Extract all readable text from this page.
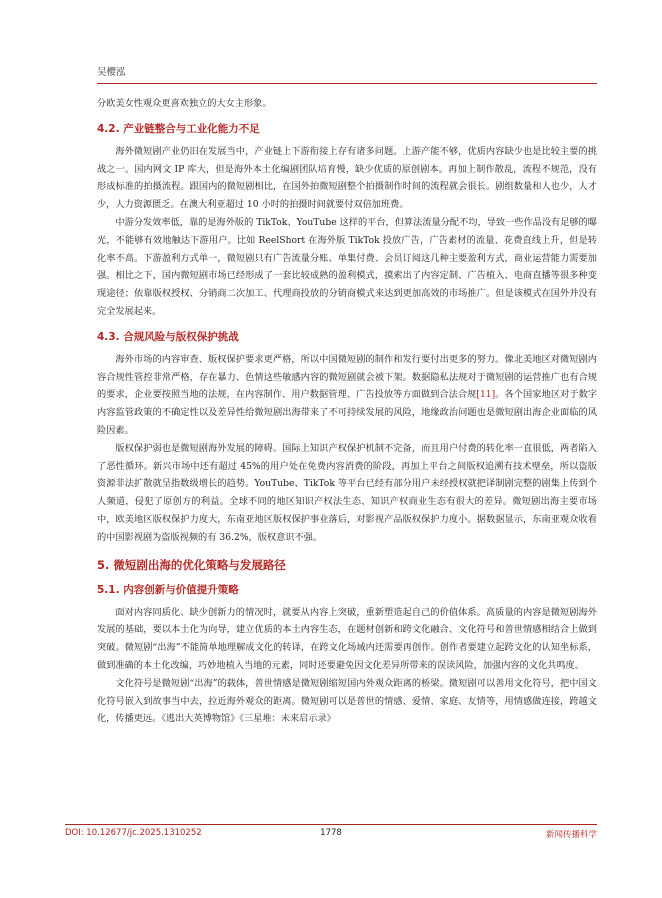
吴樱泓

分欧美女性观众更喜欢独立的大女主形象。

4.2. 产业链整合与工业化能力不足

海外微短剧产业仍旧在发展当中，产业链上下游衔接上存有诸多问题。上游产能不够，优质内容缺少也是比较主要的挑战之一。国内网文 IP 库大，但是海外本土化编剧团队培育慢，缺少优质的原创剧本。再加上制作散乱，流程不规范，没有形成标准的拍摄流程。跟国内的微短剧相比，在国外拍微短剧整个拍摄制作时间的流程就会很长。剧组数量和人也少，人才少，人力资源匮乏。在澳大利亚超过 10 小时的拍摄时间就要付双倍加班费。

中游分发效率低，靠的是海外版的 TikTok、YouTube 这样的平台，但算法流量分配不均，导致一些作品没有足够的曝光，不能够有效地触达下游用户。比如 ReelShort 在海外版 TikTok 投放广告，广告素材的流量、花费直线上升，但是转化率不高。下游盈利方式单一，微短剧只有广告流量分账、单集付费、会员订阅这几种主要盈利方式，商业运营能力需要加强。相比之下，国内微短剧市场已经形成了一套比较成熟的盈利模式，摸索出了内容定制、广告植入、电商直播等很多种变现途径；依靠版权授权、分销商二次加工、代理商投放的分销商模式来达到更加高效的市场推广。但是该模式在国外并没有完全发展起来。

4.3. 合规风险与版权保护挑战

海外市场的内容审查、版权保护要求更严格，所以中国微短剧的制作和发行要付出更多的努力。像北美地区对微短剧内容合规性管控非常严格，存在暴力、色情这些敏感内容的微短剧就会被下架。数据隐私法规对于微短剧的运营推广也有合规的要求，企业要按照当地的法规，在内容制作、用户数据管理、广告投放等方面做到合法合规[11]。各个国家地区对于数字内容监管政策的不确定性以及差异性给微短剧出海带来了不可持续发展的风险，地缘政治问题也是微短剧出海企业面临的风险因素。

版权保护弱也是微短剧海外发展的障碍。国际上知识产权保护机制不完备，而且用户付费的转化率一直很低，两者陷入了恶性循环。新兴市场中还有超过 45%的用户处在免费内容消费的阶段，再加上平台之间版权追溯有技术壁垒，所以盗版资源非法扩散就呈指数级增长的趋势。YouTube、TikTok 等平台已经有部分用户未经授权就把译制剧完整的剧集上传到个人频道，侵犯了原创方的利益。全球不同的地区知识产权法生态、知识产权商业生态有很大的差异。微短剧出海主要市场中，欧美地区版权保护力度大，东南亚地区版权保护事业落后，对影视产品版权保护力度小。据数据显示，东南亚观众收看的中国影视剧为盗版视频的有 36.2%，版权意识不强。

5. 微短剧出海的优化策略与发展路径
5.1. 内容创新与价值提升策略

面对内容同质化、缺少创新力的情况时，就要从内容上突破，重新塑造起自己的价值体系。高质量的内容是微短剧海外发展的基础，要以本土化为向导，建立优质的本土内容生态，在题材创新和跨文化融合、文化符号和普世情感相结合上做到突破。微短剧“出海”不能简单地理解成文化的转译，在跨文化场域内还需要再创作。创作者要建立起跨文化的认知坐标系，做到准确的本土化改编，巧妙地植入当地的元素，同时还要避免因文化差异所带来的误读风险，加强内容的文化共鸣度。

文化符号是微短剧“出海”的载体，普世情感是微短剧缩短国内外观众距离的桥梁。微短剧可以善用文化符号，把中国文化符号嵌入到故事当中去，拉近海外观众的距离。微短剧可以是普世的情感、爱情、家庭、友情等，用情感做连接，跨越文化，传播更远。《逃出大英博物馆》《三星堆：未来启示录》

DOI: 10.12677/jc.2025.1310252	1778	新闻传播科学
